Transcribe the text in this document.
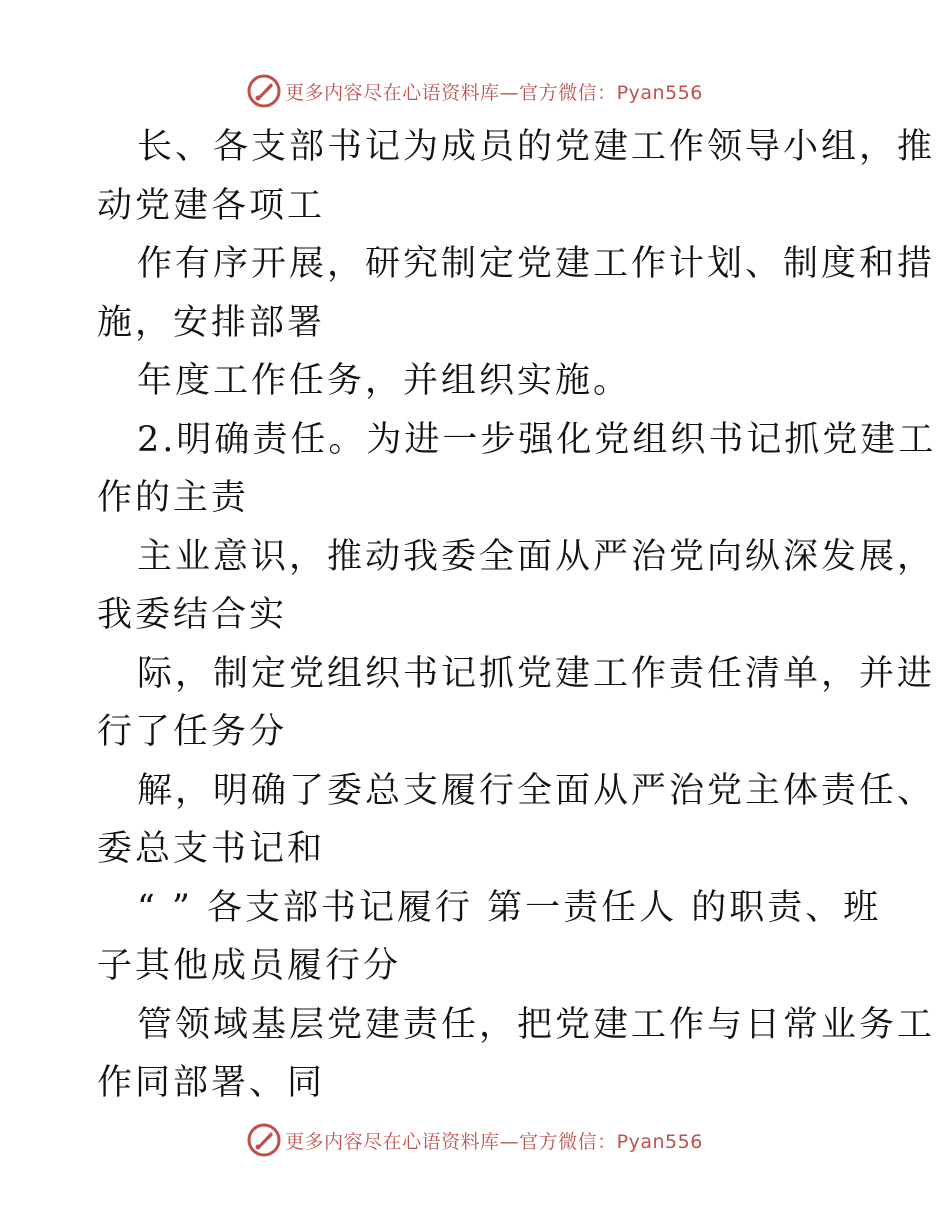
更多内容尽在心语资料库—官方微信：Pyan556
长、各支部书记为成员的党建工作领导小组，推
动党建各项工
作有序开展，研究制定党建工作计划、制度和措
施，安排部署
年度工作任务，并组织实施。
2.明确责任。为进一步强化党组织书记抓党建工
作的主责
主业意识，推动我委全面从严治党向纵深发展，
我委结合实
际，制定党组织书记抓党建工作责任清单，并进
行了任务分
解，明确了委总支履行全面从严治党主体责任、
委总支书记和
“ ” 各支部书记履行 第一责任人 的职责、班
子其他成员履行分
管领域基层党建责任，把党建工作与日常业务工
作同部署、同
更多内容尽在心语资料库—官方微信：Pyan556
